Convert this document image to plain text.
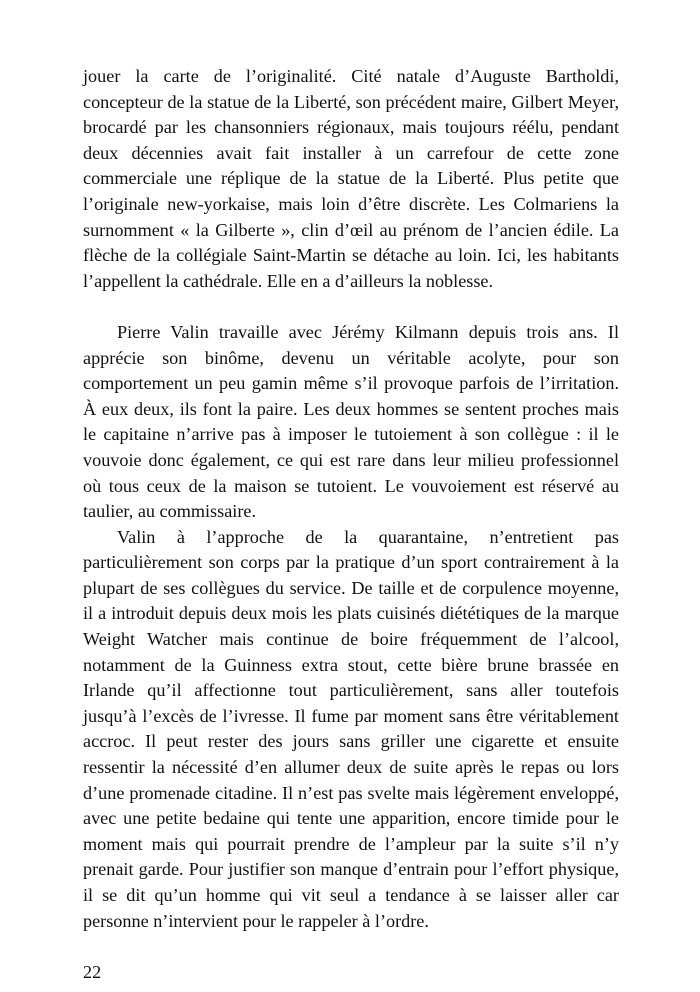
jouer la carte de l’originalité. Cité natale d’Auguste Bartholdi,
concepteur de la statue de la Liberté, son précédent maire, Gilbert Meyer,
brocardé par les chansonniers régionaux, mais toujours réélu, pendant
deux décennies avait fait installer à un carrefour de cette zone
commerciale une réplique de la statue de la Liberté. Plus petite que
l’originale new-yorkaise, mais loin d’être discrète. Les Colmariens la
surnomment « la Gilberte », clin d’œil au prénom de l’ancien édile. La
flèche de la collégiale Saint-Martin se détache au loin. Ici, les habitants
l’appellent la cathédrale. Elle en a d’ailleurs la noblesse.
Pierre Valin travaille avec Jérémy Kilmann depuis trois ans. Il
apprécie son binôme, devenu un véritable acolyte, pour son
comportement un peu gamin même s’il provoque parfois de l’irritation.
À eux deux, ils font la paire. Les deux hommes se sentent proches mais
le capitaine n’arrive pas à imposer le tutoiement à son collègue : il le
vouvoie donc également, ce qui est rare dans leur milieu professionnel
où tous ceux de la maison se tutoient. Le vouvoiement est réservé au
taulier, au commissaire.
Valin à l’approche de la quarantaine, n’entretient pas
particulièrement son corps par la pratique d’un sport contrairement à la
plupart de ses collègues du service. De taille et de corpulence moyenne,
il a introduit depuis deux mois les plats cuisinés diététiques de la marque
Weight Watcher mais continue de boire fréquemment de l’alcool,
notamment de la Guinness extra stout, cette bière brune brassée en
Irlande qu’il affectionne tout particulièrement, sans aller toutefois
jusqu’à l’excès de l’ivresse. Il fume par moment sans être véritablement
accroc. Il peut rester des jours sans griller une cigarette et ensuite
ressentir la nécessité d’en allumer deux de suite après le repas ou lors
d’une promenade citadine. Il n’est pas svelte mais légèrement enveloppé,
avec une petite bedaine qui tente une apparition, encore timide pour le
moment mais qui pourrait prendre de l’ampleur par la suite s’il n’y
prenait garde. Pour justifier son manque d’entrain pour l’effort physique,
il se dit qu’un homme qui vit seul a tendance à se laisser aller car
personne n’intervient pour le rappeler à l’ordre.
22
